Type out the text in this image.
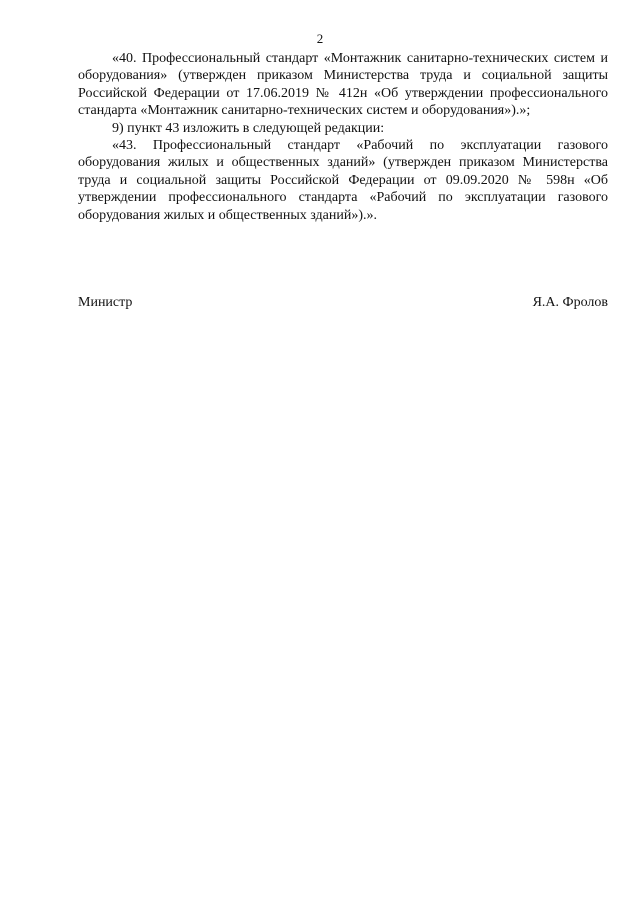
2

«40. Профессиональный стандарт «Монтажник санитарно-технических систем и оборудования» (утвержден приказом Министерства труда и социальной защиты Российской Федерации от 17.06.2019 № 412н «Об утверждении профессионального стандарта «Монтажник санитарно-технических систем и оборудования»).»;

9) пункт 43 изложить в следующей редакции:

«43. Профессиональный стандарт «Рабочий по эксплуатации газового оборудования жилых и общественных зданий» (утвержден приказом Министерства труда и социальной защиты Российской Федерации от 09.09.2020 № 598н «Об утверждении профессионального стандарта «Рабочий по эксплуатации газового оборудования жилых и общественных зданий»).».

Министр	Я.А. Фролов
